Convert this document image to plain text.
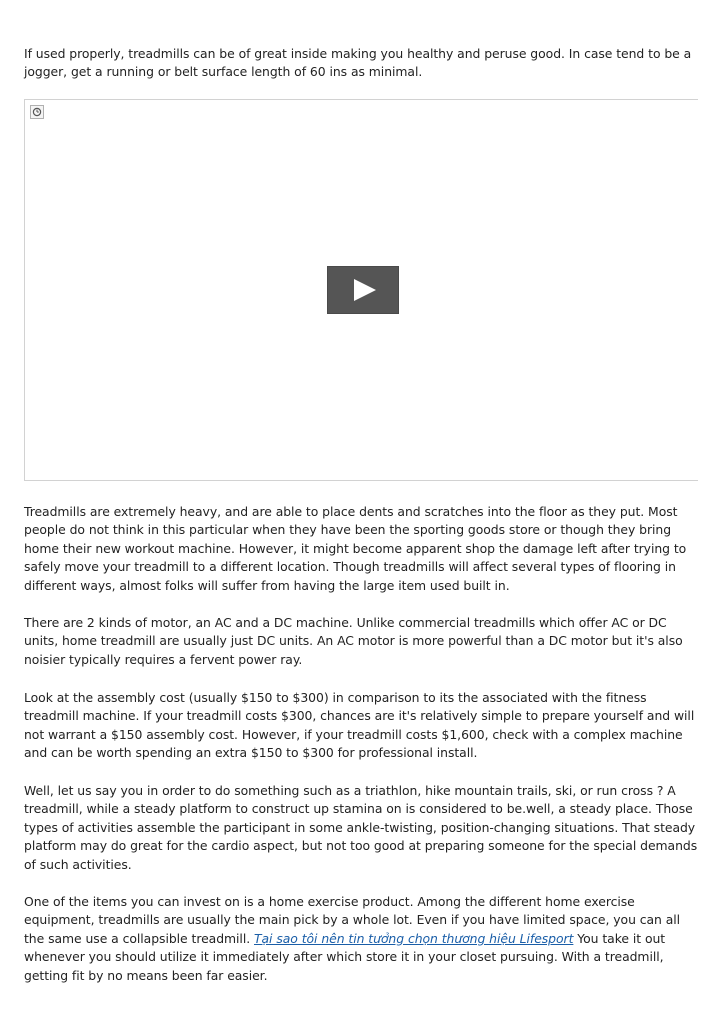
If used properly, treadmills can be of great inside making you healthy and peruse good. In case tend to be a jogger, get a running or belt surface length of 60 ins as minimal.

Treadmills are extremely heavy, and are able to place dents and scratches into the floor as they put. Most people do not think in this particular when they have been the sporting goods store or though they bring home their new workout machine. However, it might become apparent shop the damage left after trying to safely move your treadmill to a different location. Though treadmills will affect several types of flooring in different ways, almost folks will suffer from having the large item used built in.

There are 2 kinds of motor, an AC and a DC machine. Unlike commercial treadmills which offer AC or DC units, home treadmill are usually just DC units. An AC motor is more powerful than a DC motor but it's also noisier typically requires a fervent power ray.

Look at the assembly cost (usually $150 to $300) in comparison to its the associated with the fitness treadmill machine. If your treadmill costs $300, chances are it's relatively simple to prepare yourself and will not warrant a $150 assembly cost. However, if your treadmill costs $1,600, check with a complex machine and can be worth spending an extra $150 to $300 for professional install.

Well, let us say you in order to do something such as a triathlon, hike mountain trails, ski, or run cross ? A treadmill, while a steady platform to construct up stamina on is considered to be.well, a steady place. Those types of activities assemble the participant in some ankle-twisting, position-changing situations. That steady platform may do great for the cardio aspect, but not too good at preparing someone for the special demands of such activities.

One of the items you can invest on is a home exercise product. Among the different home exercise equipment, treadmills are usually the main pick by a whole lot. Even if you have limited space, you can all the same use a collapsible treadmill. Tại sao tôi nên tin tưởng chọn thương hiệu Lifesport You take it out whenever you should utilize it immediately after which store it in your closet pursuing. With a treadmill, getting fit by no means been far easier.
